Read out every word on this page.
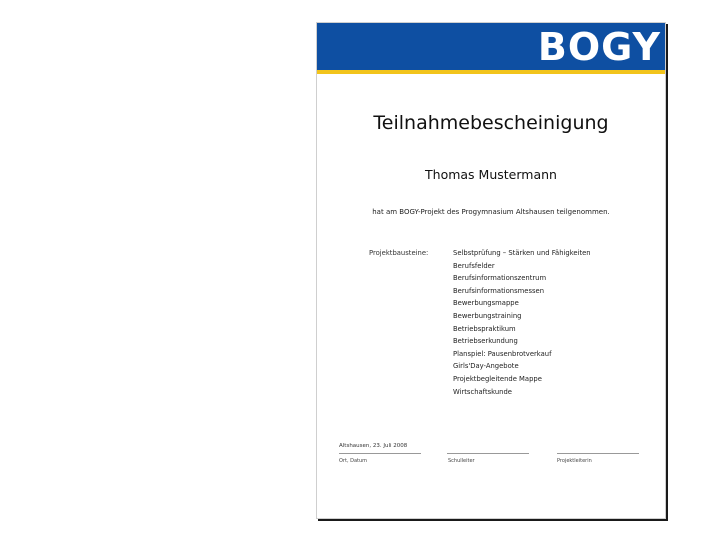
BOGY
Teilnahmebescheinigung
Thomas Mustermann
hat am BOGY-Projekt des Progymnasium Altshausen teilgenommen.
Projektbausteine:	Selbstprüfung – Stärken und Fähigkeiten
Berufsfelder
Berufsinformationszentrum
Berufsinformationsmessen
Bewerbungsmappe
Bewerbungstraining
Betriebspraktikum
Betriebserkundung
Planspiel: Pausenbrotverkauf
Girls'Day-Angebote
Projektbegleitende Mappe
Wirtschaftskunde
Altshausen, 23. Juli 2008
Ort, Datum	Schulleiter	Projektleiterin
